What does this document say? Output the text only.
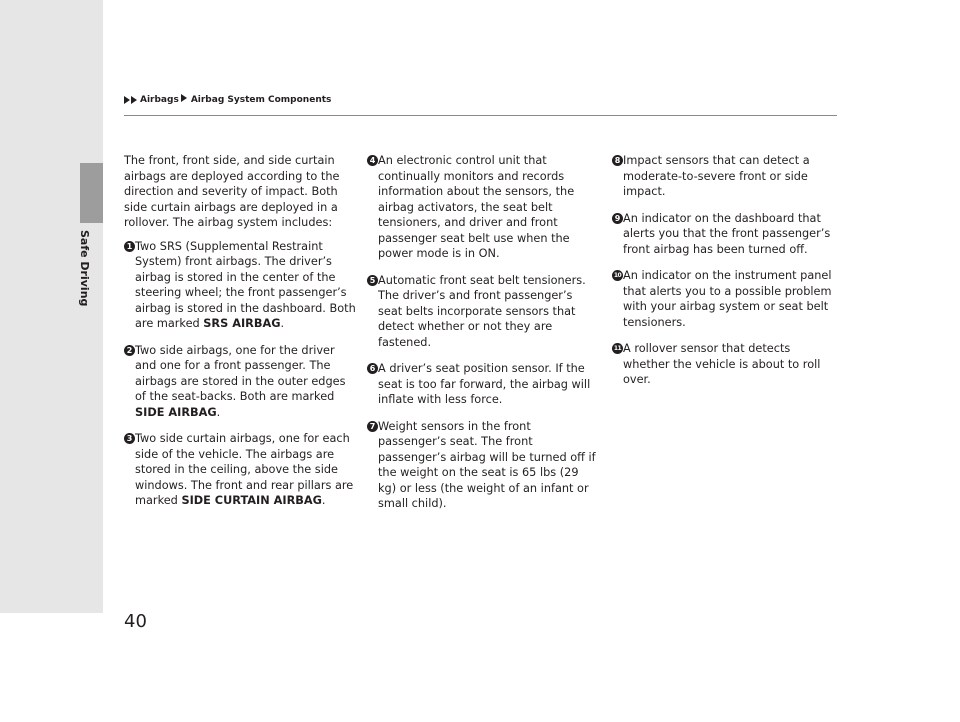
Safe Driving
Airbags Airbag System Components

The front, front side, and side curtain airbags are deployed according to the direction and severity of impact. Both side curtain airbags are deployed in a rollover. The airbag system includes:

1 Two SRS (Supplemental Restraint System) front airbags. The driver’s airbag is stored in the center of the steering wheel; the front passenger’s airbag is stored in the dashboard. Both are marked SRS AIRBAG.
2 Two side airbags, one for the driver and one for a front passenger. The airbags are stored in the outer edges of the seat-backs. Both are marked SIDE AIRBAG.
3 Two side curtain airbags, one for each side of the vehicle. The airbags are stored in the ceiling, above the side windows. The front and rear pillars are marked SIDE CURTAIN AIRBAG.
4 An electronic control unit that continually monitors and records information about the sensors, the airbag activators, the seat belt tensioners, and driver and front passenger seat belt use when the power mode is in ON.
5 Automatic front seat belt tensioners. The driver’s and front passenger’s seat belts incorporate sensors that detect whether or not they are fastened.
6 A driver’s seat position sensor. If the seat is too far forward, the airbag will inflate with less force.
7 Weight sensors in the front passenger’s seat. The front passenger’s airbag will be turned off if the weight on the seat is 65 lbs (29 kg) or less (the weight of an infant or small child).
8 Impact sensors that can detect a moderate-to-severe front or side impact.
9 An indicator on the dashboard that alerts you that the front passenger’s front airbag has been turned off.
10 An indicator on the instrument panel that alerts you to a possible problem with your airbag system or seat belt tensioners.
11 A rollover sensor that detects whether the vehicle is about to roll over.
40
